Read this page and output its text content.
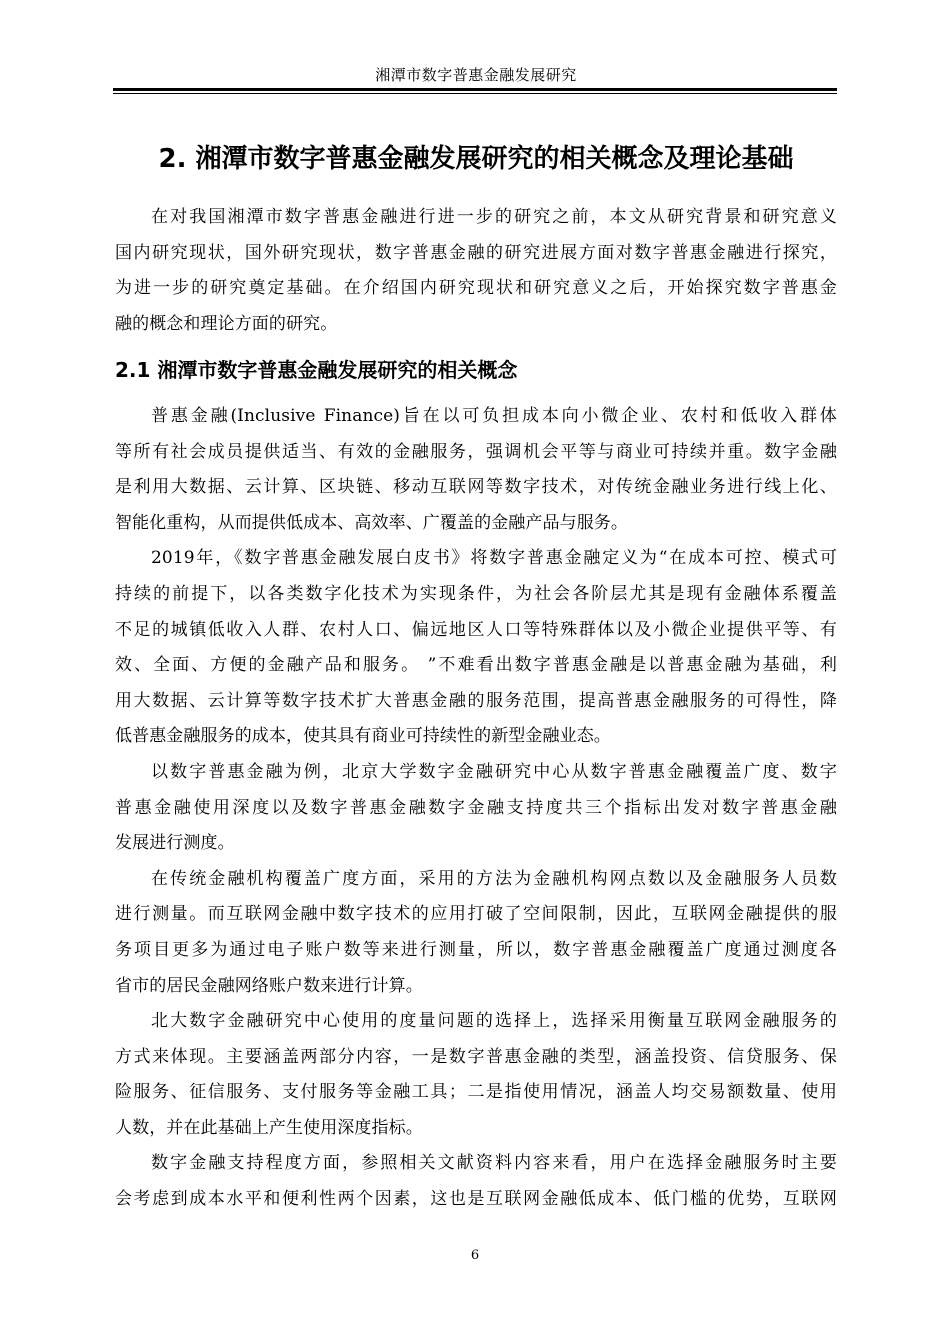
湘潭市数字普惠金融发展研究
2. 湘潭市数字普惠金融发展研究的相关概念及理论基础
在对我国湘潭市数字普惠金融进行进一步的研究之前，本文从研究背景和研究意义
国内研究现状，国外研究现状，数字普惠金融的研究进展方面对数字普惠金融进行探究，
为进一步的研究奠定基础。在介绍国内研究现状和研究意义之后，开始探究数字普惠金
融的概念和理论方面的研究。
2.1 湘潭市数字普惠金融发展研究的相关概念
普惠金融(Inclusive Finance)旨在以可负担成本向小微企业、农村和低收入群体
等所有社会成员提供适当、有效的金融服务，强调机会平等与商业可持续并重。数字金融
是利用大数据、云计算、区块链、移动互联网等数字技术，对传统金融业务进行线上化、
智能化重构，从而提供低成本、高效率、广覆盖的金融产品与服务。
2019年，《数字普惠金融发展白皮书》将数字普惠金融定义为“在成本可控、模式可
持续的前提下，以各类数字化技术为实现条件，为社会各阶层尤其是现有金融体系覆盖
不足的城镇低收入人群、农村人口、偏远地区人口等特殊群体以及小微企业提供平等、有
效、全面、方便的金融产品和服务。 ”不难看出数字普惠金融是以普惠金融为基础，利
用大数据、云计算等数字技术扩大普惠金融的服务范围，提高普惠金融服务的可得性，降
低普惠金融服务的成本，使其具有商业可持续性的新型金融业态。
以数字普惠金融为例，北京大学数字金融研究中心从数字普惠金融覆盖广度、数字
普惠金融使用深度以及数字普惠金融数字金融支持度共三个指标出发对数字普惠金融
发展进行测度。
在传统金融机构覆盖广度方面，采用的方法为金融机构网点数以及金融服务人员数
进行测量。而互联网金融中数字技术的应用打破了空间限制，因此，互联网金融提供的服
务项目更多为通过电子账户数等来进行测量，所以，数字普惠金融覆盖广度通过测度各
省市的居民金融网络账户数来进行计算。
北大数字金融研究中心使用的度量问题的选择上，选择采用衡量互联网金融服务的
方式来体现。主要涵盖两部分内容，一是数字普惠金融的类型，涵盖投资、信贷服务、保
险服务、征信服务、支付服务等金融工具；二是指使用情况，涵盖人均交易额数量、使用
人数，并在此基础上产生使用深度指标。
数字金融支持程度方面，参照相关文献资料内容来看，用户在选择金融服务时主要
会考虑到成本水平和便利性两个因素，这也是互联网金融低成本、低门槛的优势，互联网
6
